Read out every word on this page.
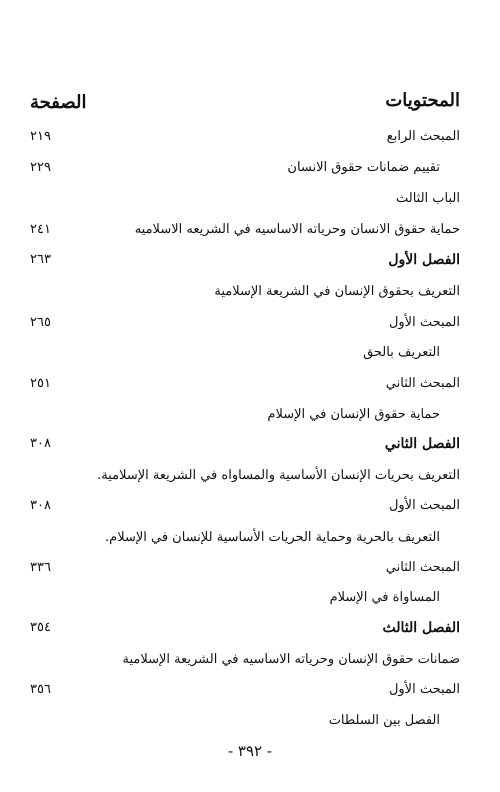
المحتويات
الصفحة
المبحث الرابع
٢١٩
تقييم ضمانات حقوق الانسان
٢٢٩
الباب الثالث
حماية حقوق الانسان وحرياته الاساسيه في الشريعه الاسلاميه
٢٤١
الفصل الأول
٢٦٣
التعريف بحقوق الإنسان في الشريعة الإسلامية
المبحث الأول
٢٦٥
التعريف بالحق
المبحث الثاني
٢٥١
حماية حقوق الإنسان في الإسلام
الفصل الثاني
٣٠٨
التعريف بحريات الإنسان الأساسية والمساواه في الشريعة الإسلامية.
المبحث الأول
٣٠٨
التعريف بالحرية وحماية الحريات الأساسية للإنسان في الإسلام.
المبحث الثاني
٣٣٦
المساواة في الإسلام
الفصل الثالث
٣٥٤
ضمانات حقوق الإنسان وحرياته الاساسيه في الشريعة الإسلامية
المبحث الأول
٣٥٦
الفصل بين السلطات
- ٣٩٢ -
